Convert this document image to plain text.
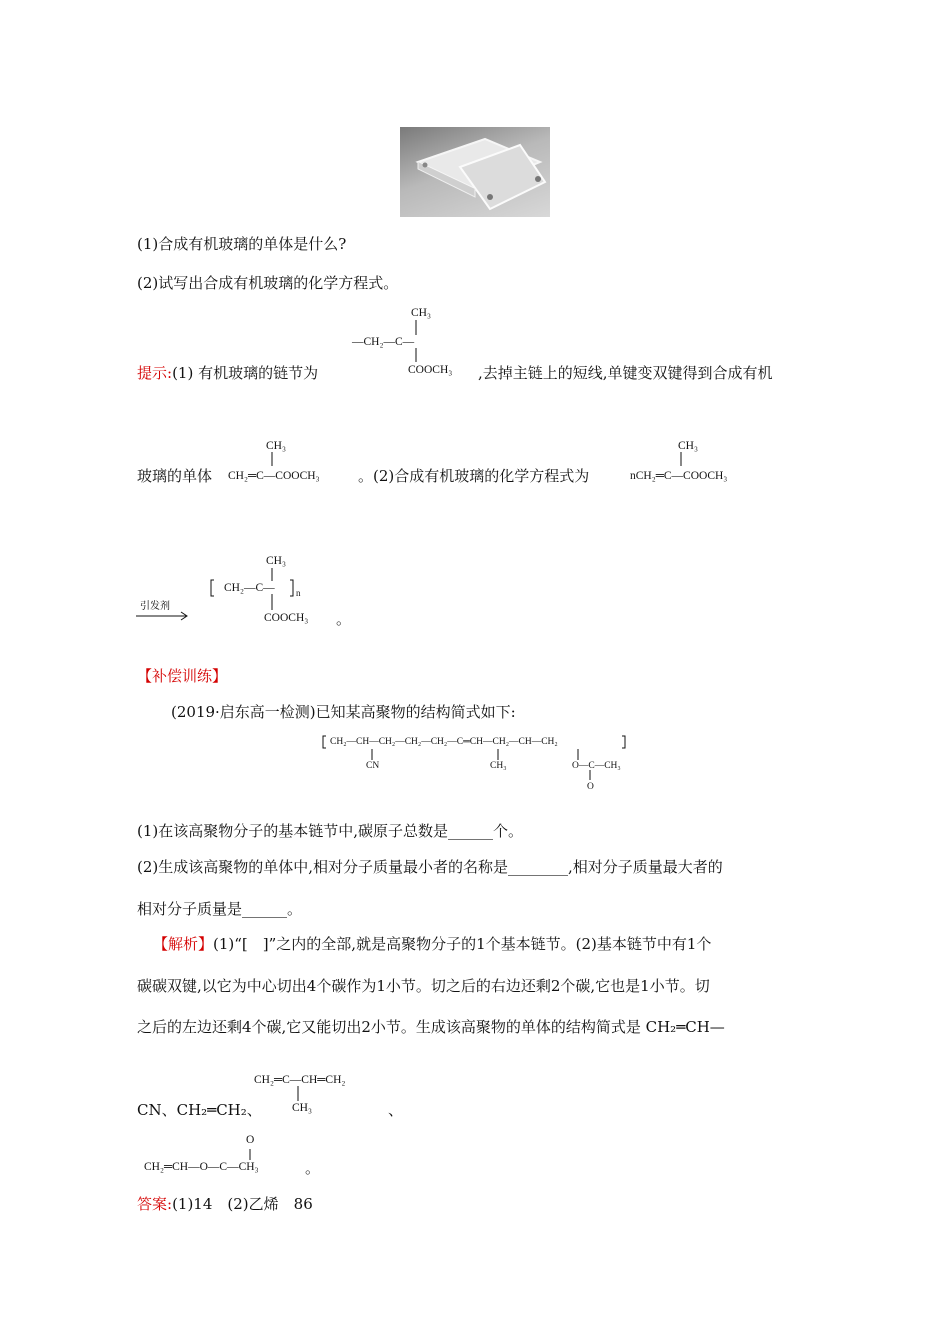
(1)合成有机玻璃的单体是什么?
(2)试写出合成有机玻璃的化学方程式。
CH₃
—CH₂—C—
COOCH₃
提示:(1) 有机玻璃的链节为	,去掉主链上的短线,单键变双键得到合成有机
CH₃	CH₃
玻璃的单体 CH₂═C—COOCH₃	。(2)合成有机玻璃的化学方程式为	nCH₂═C—COOCH₃
CH₃
CH₂—C— n
引发剂
COOCH₃ 。
【补偿训练】
(2019·启东高一检测)已知某高聚物的结构简式如下:
CH₂—CH—CH₂—CH₂—CH₂—C═CH—CH₂—CH—CH₂
CN	CH₃	O—C—CH₃
O
(1)在该高聚物分子的基本链节中,碳原子总数是______个。
(2)生成该高聚物的单体中,相对分子质量最小者的名称是________,相对分子质量最大者的
相对分子质量是______。
【解析】(1)“[　]”之内的全部,就是高聚物分子的1个基本链节。(2)基本链节中有1个
碳碳双键,以它为中心切出4个碳作为1小节。切之后的右边还剩2个碳,它也是1小节。切
之后的左边还剩4个碳,它又能切出2小节。生成该高聚物的单体的结构简式是 CH₂═CH—
CH₂═C—CH═CH₂
CH₃
CN、CH₂═CH₂、	、
O
CH₂═CH—O—C—CH₃	。
答案:(1)14　(2)乙烯　86
